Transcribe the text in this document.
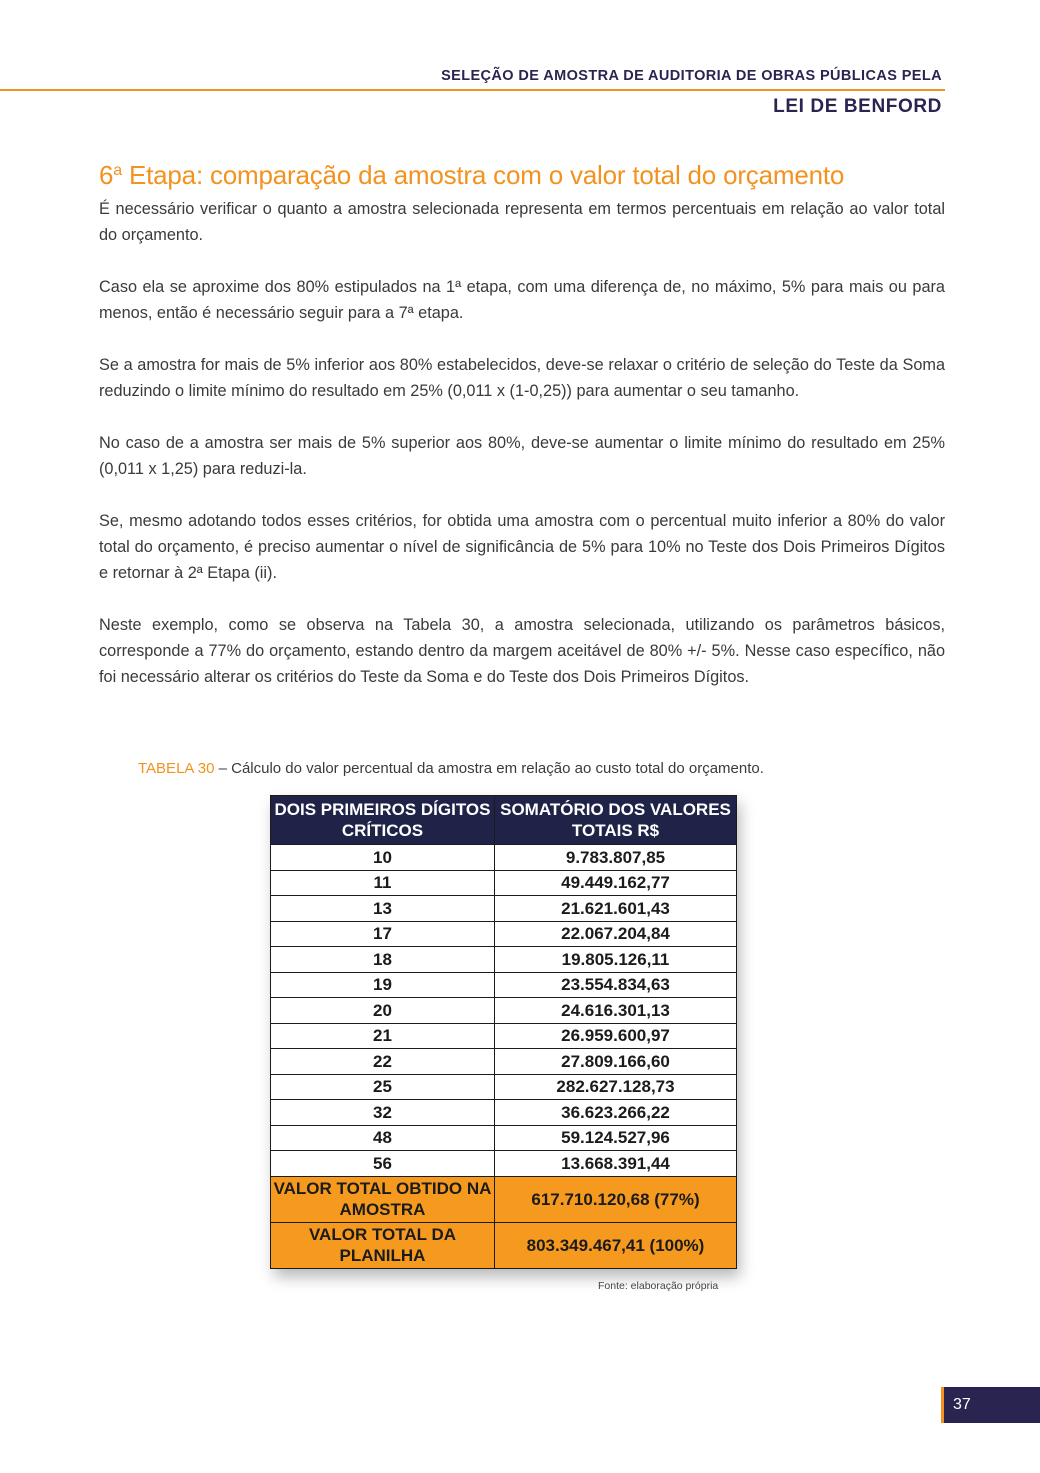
SELEÇÃO DE AMOSTRA DE AUDITORIA DE OBRAS PÚBLICAS PELA
LEI DE BENFORD
6$^a$ Etapa: comparação da amostra com o valor total do orçamento

É necessário verificar o quanto a amostra selecionada representa em termos percentuais em relação ao valor total do orçamento.

Caso ela se aproxime dos 80% estipulados na 1ª etapa, com uma diferença de, no máximo, 5% para mais ou para menos, então é necessário seguir para a 7ª etapa.

Se a amostra for mais de 5% inferior aos 80% estabelecidos, deve-se relaxar o critério de seleção do Teste da Soma reduzindo o limite mínimo do resultado em 25% (0,011 x (1-0,25)) para aumentar o seu tamanho.

No caso de a amostra ser mais de 5% superior aos 80%, deve-se aumentar o limite mínimo do resultado em 25% (0,011 x 1,25) para reduzi-la.

Se, mesmo adotando todos esses critérios, for obtida uma amostra com o percentual muito inferior a 80% do valor total do orçamento, é preciso aumentar o nível de significância de 5% para 10% no Teste dos Dois Primeiros Dígitos e retornar à 2ª Etapa (ii).

Neste exemplo, como se observa na Tabela 30, a amostra selecionada, utilizando os parâmetros básicos, corresponde a 77% do orçamento, estando dentro da margem aceitável de 80% +/- 5%. Nesse caso específico, não foi necessário alterar os critérios do Teste da Soma e do Teste dos Dois Primeiros Dígitos.

TABELA 30 – Cálculo do valor percentual da amostra em relação ao custo total do orçamento.
DOIS PRIMEIROS DÍGITOS CRÍTICOS	SOMATÓRIO DOS VALORES TOTAIS R$
10	9.783.807,85
11	49.449.162,77
13	21.621.601,43
17	22.067.204,84
18	19.805.126,11
19	23.554.834,63
20	24.616.301,13
21	26.959.600,97
22	27.809.166,60
25	282.627.128,73
32	36.623.266,22
48	59.124.527,96
56	13.668.391,44
VALOR TOTAL OBTIDO NA AMOSTRA	617.710.120,68 (77%)
VALOR TOTAL DA PLANILHA	803.349.467,41 (100%)
Fonte: elaboração própria
37
